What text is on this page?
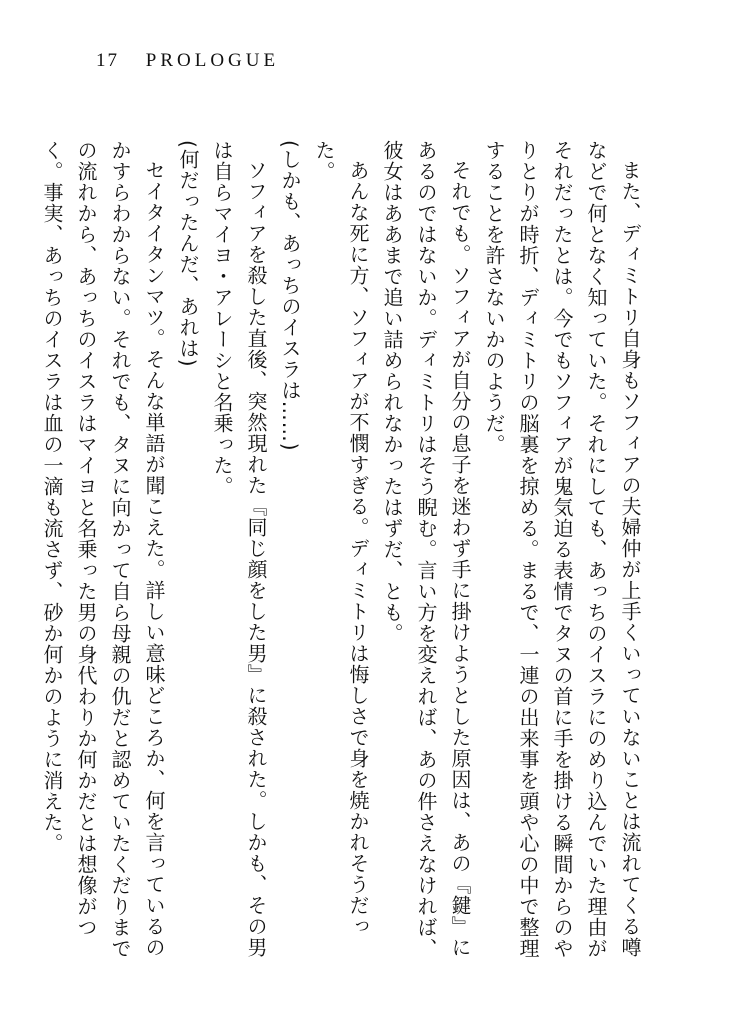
17 PROLOGUE

また、ディミトリ自身もソフィアの夫婦仲が上手くいっていないことは流れてくる噂などで何となく知っていた。それにしても、あっちのイスラにのめり込んでいた理由がそれだったとは。今でもソフィアが鬼気迫る表情でタヌの首に手を掛ける瞬間からのやりとりが時折、ディミトリの脳裏を掠める。まるで、一連の出来事を頭や心の中で整理することを許さないかのようだ。

それでも。ソフィアが自分の息子を迷わず手に掛けようとした原因は、あの『鍵』にあるのではないか。ディミトリはそう睨む。言い方を変えれば、あの件さえなければ、彼女はああまで追い詰められなかったはずだ、とも。

あんな死に方、ソフィアが不憫すぎる。ディミトリは悔しさで身を焼かれそうだった。

(しかも、あっちのイスラは……)

ソフィアを殺した直後、突然現れた『同じ顔をした男』に殺された。しかも、その男は自らマイヨ・アレーシと名乗った。

(何だったんだ、あれは)

セイタイタンマツ。そんな単語が聞こえた。詳しい意味どころか、何を言っているのかすらわからない。それでも、タヌに向かって自ら母親の仇だと認めていたくだりまでの流れから、あっちのイスラはマイヨと名乗った男の身代わりか何かだとは想像がつく。事実、あっちのイスラは血の一滴も流さず、砂か何かのように消えた。
